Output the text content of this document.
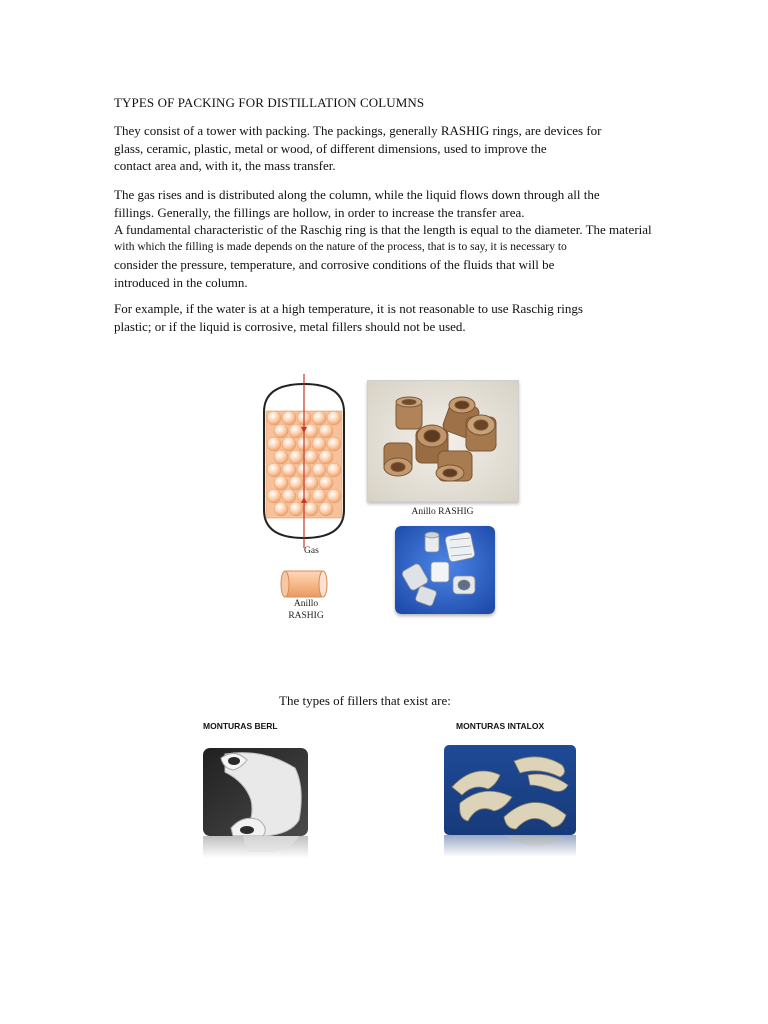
TYPES OF PACKING FOR DISTILLATION COLUMNS
They consist of a tower with packing. The packings, generally RASHIG rings, are devices for
glass, ceramic, plastic, metal or wood, of different dimensions, used to improve the
contact area and, with it, the mass transfer.
The gas rises and is distributed along the column, while the liquid flows down through all the
fillings. Generally, the fillings are hollow, in order to increase the transfer area.
A fundamental characteristic of the Raschig ring is that the length is equal to the diameter. The material
with which the filling is made depends on the nature of the process, that is to say, it is necessary to
consider the pressure, temperature, and corrosive conditions of the fluids that will be
introduced in the column.
For example, if the water is at a high temperature, it is not reasonable to use Raschig rings
plastic; or if the liquid is corrosive, metal fillers should not be used.
Gas
Anillo
RASHIG
Anillo RASHIG
The types of fillers that exist are:
MONTURAS BERL	MONTURAS INTALOX
